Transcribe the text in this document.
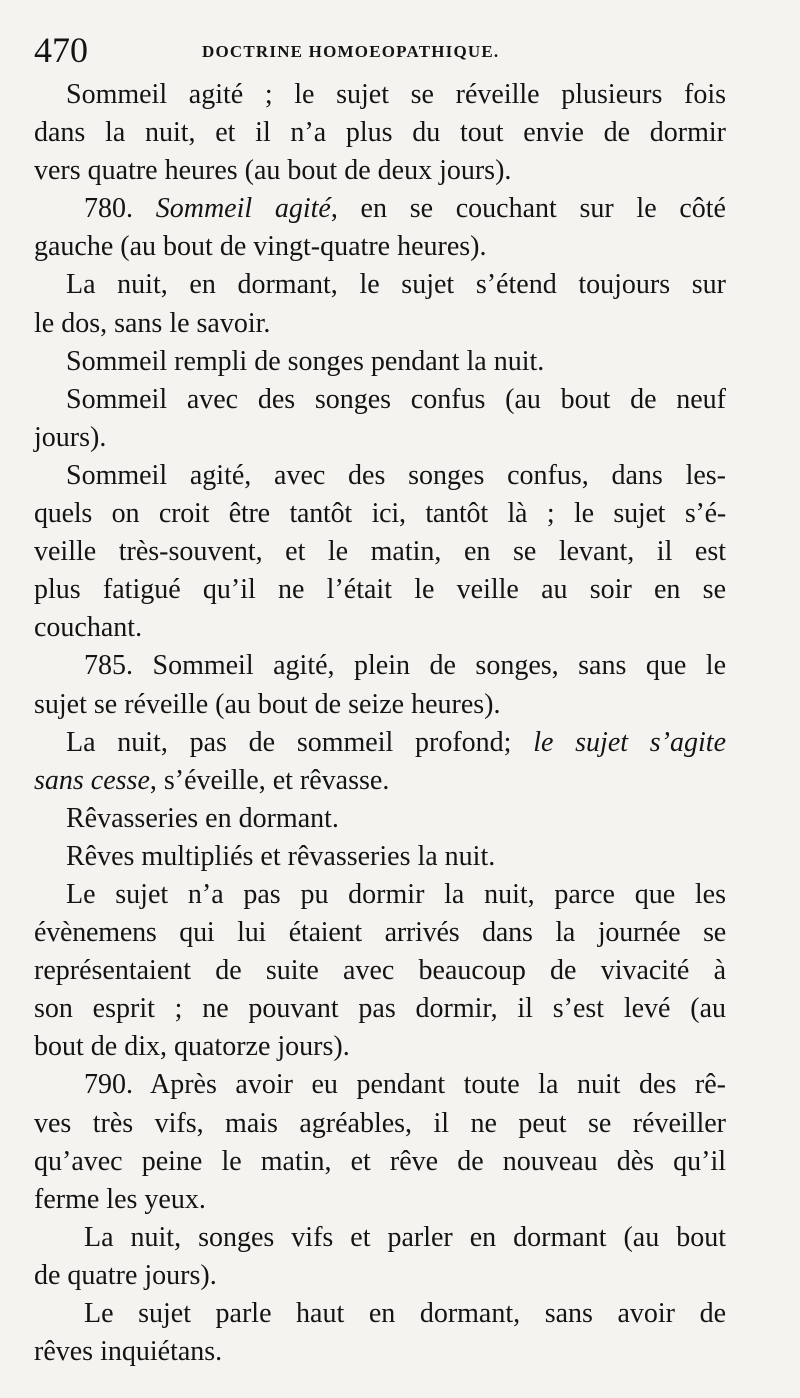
470	DOCTRINE HOMOEOPATHIQUE.
Sommeil agité ; le sujet se réveille plusieurs fois
dans la nuit, et il n’a plus du tout envie de dormir
vers quatre heures (au bout de deux jours).
780. Sommeil agité, en se couchant sur le côté
gauche (au bout de vingt-quatre heures).
La nuit, en dormant, le sujet s’étend toujours sur
le dos, sans le savoir.
Sommeil rempli de songes pendant la nuit.
Sommeil avec des songes confus (au bout de neuf
jours).
Sommeil agité, avec des songes confus, dans les-
quels on croit être tantôt ici, tantôt là ; le sujet s’é-
veille très-souvent, et le matin, en se levant, il est
plus fatigué qu’il ne l’était le veille au soir en se
couchant.
785. Sommeil agité, plein de songes, sans que le
sujet se réveille (au bout de seize heures).
La nuit, pas de sommeil profond; le sujet s’agite
sans cesse, s’éveille, et rêvasse.
Rêvasseries en dormant.
Rêves multipliés et rêvasseries la nuit.
Le sujet n’a pas pu dormir la nuit, parce que les
évènemens qui lui étaient arrivés dans la journée se
représentaient de suite avec beaucoup de vivacité à
son esprit ; ne pouvant pas dormir, il s’est levé (au
bout de dix, quatorze jours).
790. Après avoir eu pendant toute la nuit des rê-
ves très vifs, mais agréables, il ne peut se réveiller
qu’avec peine le matin, et rêve de nouveau dès qu’il
ferme les yeux.
La nuit, songes vifs et parler en dormant (au bout
de quatre jours).
Le sujet parle haut en dormant, sans avoir de
rêves inquiétans.
